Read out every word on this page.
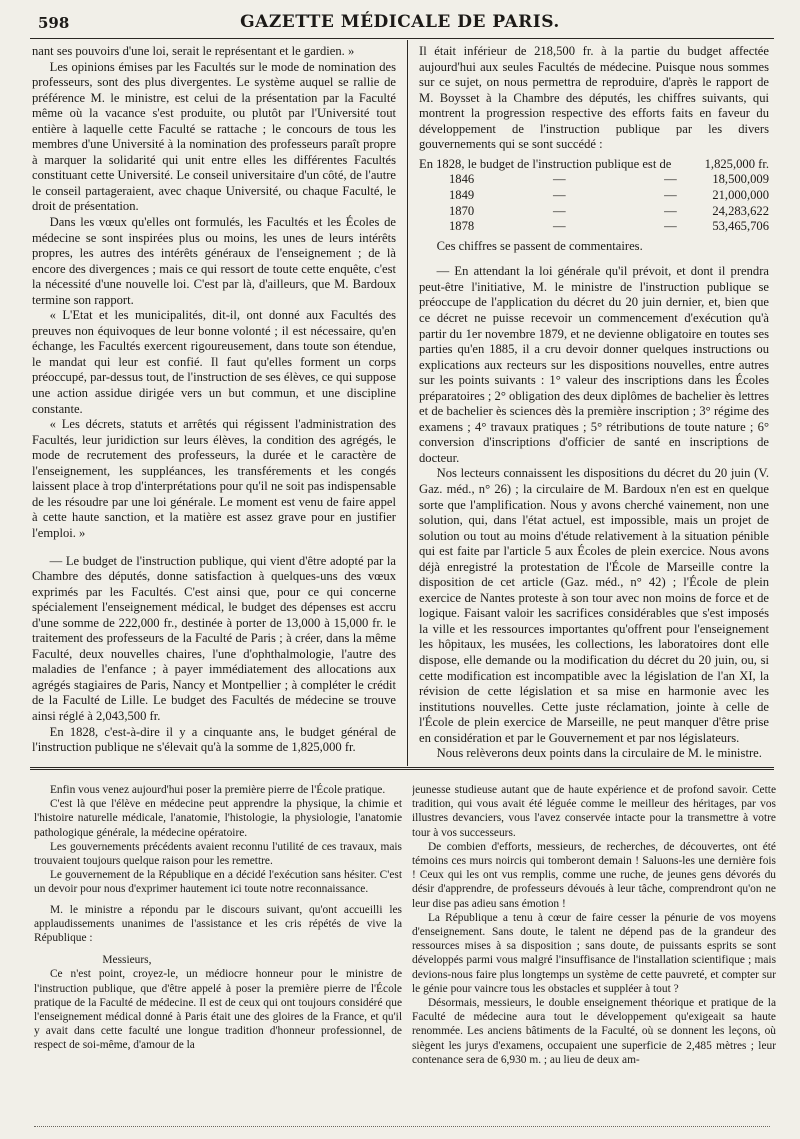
598	GAZETTE MÉDICALE DE PARIS.

nant ses pouvoirs d'une loi, serait le représentant et le gardien. »

Les opinions émises par les Facultés sur le mode de nomination des professeurs, sont des plus divergentes. Le système auquel se rallie de préférence M. le ministre, est celui de la présentation par la Faculté même où la vacance s'est produite, ou plutôt par l'Université tout entière à laquelle cette Faculté se rattache ; le concours de tous les membres d'une Université à la nomination des professeurs paraît propre à marquer la solidarité qui unit entre elles les différentes Facultés constituant cette Université. Le conseil universitaire d'un côté, de l'autre le conseil partageraient, avec chaque Université, ou chaque Faculté, le droit de présentation.

Dans les vœux qu'elles ont formulés, les Facultés et les Écoles de médecine se sont inspirées plus ou moins, les unes de leurs intérêts propres, les autres des intérêts généraux de l'enseignement ; de là encore des divergences ; mais ce qui ressort de toute cette enquête, c'est la nécessité d'une nouvelle loi. C'est par là, d'ailleurs, que M. Bardoux termine son rapport.

« L'Etat et les municipalités, dit-il, ont donné aux Facultés des preuves non équivoques de leur bonne volonté ; il est nécessaire, qu'en échange, les Facultés exercent rigoureusement, dans toute son étendue, le mandat qui leur est confié. Il faut qu'elles forment un corps préoccupé, par-dessus tout, de l'instruction de ses élèves, ce qui suppose une action assidue dirigée vers un but commun, et une discipline constante.

« Les décrets, statuts et arrêtés qui régissent l'administration des Facultés, leur juridiction sur leurs élèves, la condition des agrégés, le mode de recrutement des professeurs, la durée et le caractère de l'enseignement, les suppléances, les transférements et les congés laissent place à trop d'interprétations pour qu'il ne soit pas indispensable de les résoudre par une loi générale. Le moment est venu de faire appel à cette haute sanction, et la matière est assez grave pour en justifier l'emploi. »

— Le budget de l'instruction publique, qui vient d'être adopté par la Chambre des députés, donne satisfaction à quelques-uns des vœux exprimés par les Facultés. C'est ainsi que, pour ce qui concerne spécialement l'enseignement médical, le budget des dépenses est accru d'une somme de 222,000 fr., destinée à porter de 13,000 à 15,000 fr. le traitement des professeurs de la Faculté de Paris ; à créer, dans la même Faculté, deux nouvelles chaires, l'une d'ophthalmologie, l'autre des maladies de l'enfance ; à payer immédiatement des allocations aux agrégés stagiaires de Paris, Nancy et Montpellier ; à compléter le crédit de la Faculté de Lille. Le budget des Facultés de médecine se trouve ainsi réglé à 2,043,500 fr.

En 1828, c'est-à-dire il y a cinquante ans, le budget général de l'instruction publique ne s'élevait qu'à la somme de 1,825,000 fr.

Il était inférieur de 218,500 fr. à la partie du budget affectée aujourd'hui aux seules Facultés de médecine. Puisque nous sommes sur ce sujet, on nous permettra de reproduire, d'après le rapport de M. Boysset à la Chambre des députés, les chiffres suivants, qui montrent la progression respective des efforts faits en faveur du développement de l'instruction publique par les divers gouvernements qui se sont succédé :

En 1828, le budget de l'instruction publique est de	1,825,000 fr.
1846	—	—	18,500,009
1849	—	—	21,000,000
1870	—	—	24,283,622
1878	—	—	53,465,706

Ces chiffres se passent de commentaires.

— En attendant la loi générale qu'il prévoit, et dont il prendra peut-être l'initiative, M. le ministre de l'instruction publique se préoccupe de l'application du décret du 20 juin dernier, et, bien que ce décret ne puisse recevoir un commencement d'exécution qu'à partir du 1er novembre 1879, et ne devienne obligatoire en toutes ses parties qu'en 1885, il a cru devoir donner quelques instructions ou explications aux recteurs sur les dispositions nouvelles, entre autres sur les points suivants : 1° valeur des inscriptions dans les Écoles préparatoires ; 2° obligation des deux diplômes de bachelier ès lettres et de bachelier ès sciences dès la première inscription ; 3° régime des examens ; 4° travaux pratiques ; 5° rétributions de toute nature ; 6° conversion d'inscriptions d'officier de santé en inscriptions de docteur.

Nos lecteurs connaissent les dispositions du décret du 20 juin (V. Gaz. méd., n° 26) ; la circulaire de M. Bardoux n'en est en quelque sorte que l'amplification. Nous y avons cherché vainement, non une solution, qui, dans l'état actuel, est impossible, mais un projet de solution ou tout au moins d'étude relativement à la situation pénible qui est faite par l'article 5 aux Écoles de plein exercice. Nous avons déjà enregistré la protestation de l'École de Marseille contre la disposition de cet article (Gaz. méd., n° 42) ; l'École de plein exercice de Nantes proteste à son tour avec non moins de force et de logique. Faisant valoir les sacrifices considérables que s'est imposés la ville et les ressources importantes qu'offrent pour l'enseignement les hôpitaux, les musées, les collections, les laboratoires dont elle dispose, elle demande ou la modification du décret du 20 juin, ou, si cette modification est incompatible avec la législation de l'an XI, la révision de cette législation et sa mise en harmonie avec les institutions nouvelles. Cette juste réclamation, jointe à celle de l'École de plein exercice de Marseille, ne peut manquer d'être prise en considération et par le Gouvernement et par nos législateurs.

Nous relèverons deux points dans la circulaire de M. le ministre.

Enfin vous venez aujourd'hui poser la première pierre de l'École pratique.

C'est là que l'élève en médecine peut apprendre la physique, la chimie et l'histoire naturelle médicale, l'anatomie, l'histologie, la physiologie, l'anatomie pathologique générale, la médecine opératoire.

Les gouvernements précédents avaient reconnu l'utilité de ces travaux, mais trouvaient toujours quelque raison pour les remettre.

Le gouvernement de la République en a décidé l'exécution sans hésiter. C'est un devoir pour nous d'exprimer hautement ici toute notre reconnaissance.

M. le ministre a répondu par le discours suivant, qu'ont accueilli les applaudissements unanimes de l'assistance et les cris répétés de vive la République :

Messieurs,

Ce n'est point, croyez-le, un médiocre honneur pour le ministre de l'instruction publique, que d'être appelé à poser la première pierre de l'École pratique de la Faculté de médecine. Il est de ceux qui ont toujours considéré que l'enseignement médical donné à Paris était une des gloires de la France, et qu'il y avait dans cette faculté une longue tradition d'honneur professionnel, de respect de soi-même, d'amour de la

jeunesse studieuse autant que de haute expérience et de profond savoir. Cette tradition, qui vous avait été léguée comme le meilleur des héritages, par vos illustres devanciers, vous l'avez conservée intacte pour la transmettre à votre tour à vos successeurs.

De combien d'efforts, messieurs, de recherches, de découvertes, ont été témoins ces murs noircis qui tomberont demain ! Saluons-les une dernière fois ! Ceux qui les ont vus remplis, comme une ruche, de jeunes gens dévorés du désir d'apprendre, de professeurs dévoués à leur tâche, comprendront qu'on ne leur dise pas adieu sans émotion !

La République a tenu à cœur de faire cesser la pénurie de vos moyens d'enseignement. Sans doute, le talent ne dépend pas de la grandeur des ressources mises à sa disposition ; sans doute, de puissants esprits se sont développés parmi vous malgré l'insuffisance de l'installation scientifique ; mais devions-nous faire plus longtemps un système de cette pauvreté, et compter sur le génie pour vaincre tous les obstacles et suppléer à tout ?

Désormais, messieurs, le double enseignement théorique et pratique de la Faculté de médecine aura tout le développement qu'exigeait sa haute renommée. Les anciens bâtiments de la Faculté, où se donnent les leçons, où siègent les jurys d'examens, occupaient une superficie de 2,485 mètres ; leur contenance sera de 6,930 m. ; au lieu de deux am-
